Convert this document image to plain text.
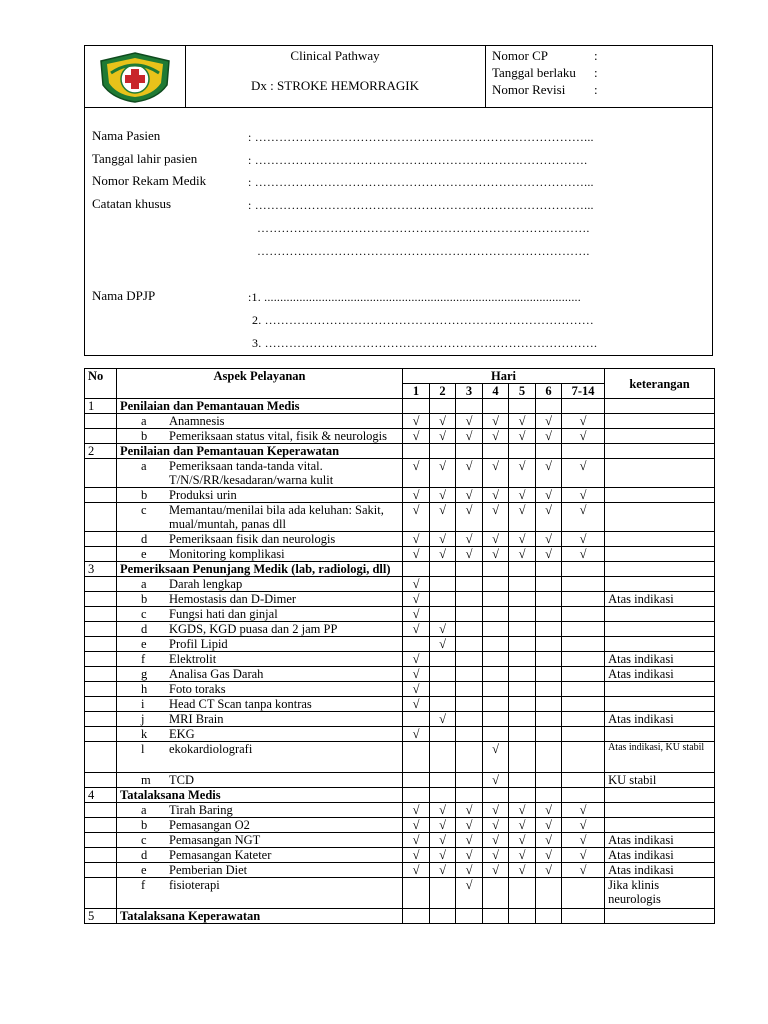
Clinical Pathway
Dx : STROKE HEMORRAGIK
Nomor CP	:
Tanggal berlaku :
Nomor Revisi :
Nama Pasien	: ………………………………………………………………………...
Tanggal lahir pasien	: ……………………………………………………………………….
Nomor Rekam Medik	: ………………………………………………………………………...
Catatan khusus	: ………………………………………………………………………...
……………………………………………………………………….
……………………………………………………………………….
Nama DPJP	:1. ...................................................................................................
2. ………………………………………………………………………
3. ……………………………………………………………………….
No	Aspek Pelayanan	Hari							keterangan
		1	2	3	4	5	6	7-14	
1	Penilaian dan Pemantauan Medis								

	a Anamnesis	√	√	√	√	√	√	√	

	b Pemeriksaan status vital, fisik & neurologis	√	√	√	√	√	√	√	
2	Penilaian dan Pemantauan Keperawatan								

	a Pemeriksaan tanda-tanda vital. T/N/S/RR/kesadaran/warna kulit	√	√	√	√	√	√	√	

	b Produksi urin	√	√	√	√	√	√	√	

	c Memantau/menilai bila ada keluhan: Sakit, mual/muntah, panas dll	√	√	√	√	√	√	√	

	d Pemeriksaan fisik dan neurologis	√	√	√	√	√	√	√	

	e Monitoring komplikasi	√	√	√	√	√	√	√	
3	Pemeriksaan Penunjang Medik (lab, radiologi, dll)								

	a Darah lengkap	√							

	b Hemostasis dan D-Dimer	√							Atas indikasi

	c Fungsi hati dan ginjal	√							

	d KGDS, KGD puasa dan 2 jam PP	√	√						

	e Profil Lipid		√						

	f Elektrolit	√							Atas indikasi

	g Analisa Gas Darah	√							Atas indikasi

	h Foto toraks	√							

	i Head CT Scan tanpa kontras	√							

	j MRI Brain		√						Atas indikasi

	k EKG	√							

	l ekokardiolografi				√				Atas indikasi, KU stabil

	m TCD				√				KU stabil
4	Tatalaksana Medis								

	a Tirah Baring	√	√	√	√	√	√	√	

	b Pemasangan O2	√	√	√	√	√	√	√	

	c Pemasangan NGT	√	√	√	√	√	√	√	Atas indikasi

	d Pemasangan Kateter	√	√	√	√	√	√	√	Atas indikasi

	e Pemberian Diet	√	√	√	√	√	√	√	Atas indikasi

	f fisioterapi			√					Jika klinis neurologis
5	Tatalaksana Keperawatan								
